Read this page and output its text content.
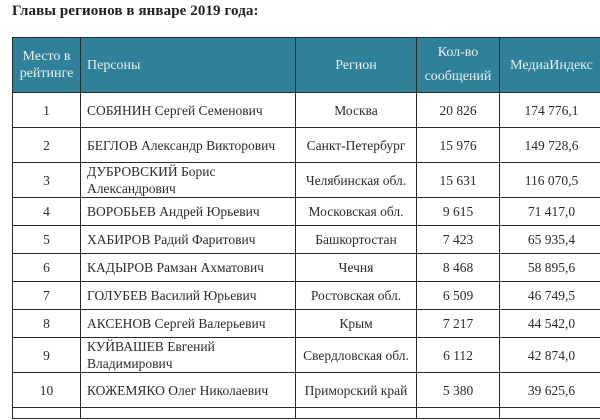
Главы регионов в январе 2019 года:
Место в рейтинге	Персоны	Регион	Кол-во сообщений	МедиаИндекс
1	СОБЯНИН Сергей Семенович	Москва	20 826	174 776,1
2	БЕГЛОВ Александр Викторович	Санкт-Петербург	15 976	149 728,6
3	ДУБРОВСКИЙ Борис Александрович	Челябинская обл.	15 631	116 070,5
4	ВОРОБЬЕВ Андрей Юрьевич	Московская обл.	9 615	71 417,0
5	ХАБИРОВ Радий Фаритович	Башкортостан	7 423	65 935,4
6	КАДЫРОВ Рамзан Ахматович	Чечня	8 468	58 895,6
7	ГОЛУБЕВ Василий Юрьевич	Ростовская обл.	6 509	46 749,5
8	АКСЕНОВ Сергей Валерьевич	Крым	7 217	44 542,0
9	КУЙВАШЕВ Евгений Владимирович	Свердловская обл.	6 112	42 874,0
10	КОЖЕМЯКО Олег Николаевич	Приморский край	5 380	39 625,6
